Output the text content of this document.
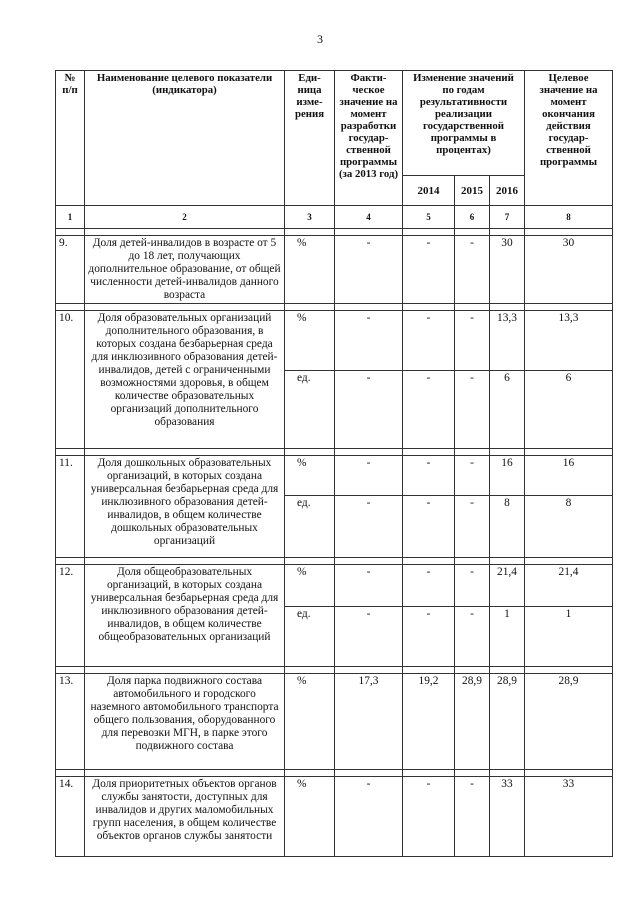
3
№ п/п	Наименование целевого показатели (индикатора)	Еди-ница изме-рения	Факти-ческое значение на момент разработки государ-ственной программы (за 2013 год)	Изменение значений по годам результативности реализации государственной программы в процентах)			Целевое значение на момент окончания действия государ-ственной программы
				2014	2015	2016	
1	2	3	4	5	6	7	8

9.	Доля детей-инвалидов в возрасте от 5 до 18 лет, получающих дополнительное образование, от общей численности детей-инвалидов данного возраста	%	-	-	-	30	30

10.	Доля образовательных организаций дополнительного образования, в которых создана безбарьерная среда для инклюзивного образования детей-инвалидов, детей с ограниченными возможностями здоровья, в общем количестве образовательных организаций дополнительного образования	%	-	-	-	13,3	13,3
		ед.	-	-	-	6	6

11.	Доля дошкольных образовательных организаций, в которых создана универсальная безбарьерная среда для инклюзивного образования детей-инвалидов, в общем количестве дошкольных образовательных организаций	%	-	-	-	16	16
		ед.	-	-	-	8	8

12.	Доля общеобразовательных организаций, в которых создана универсальная безбарьерная среда для инклюзивного образования детей-инвалидов, в общем количестве общеобразовательных организаций	%	-	-	-	21,4	21,4
		ед.	-	-	-	1	1

13.	Доля парка подвижного состава автомобильного и городского наземного автомобильного транспорта общего пользования, оборудованного для перевозки МГН, в парке этого подвижного состава	%	17,3	19,2	28,9	28,9	28,9

14.	Доля приоритетных объектов органов службы занятости, доступных для инвалидов и других маломобильных групп населения, в общем количестве объектов органов службы занятости	%	-	-	-	33	33
